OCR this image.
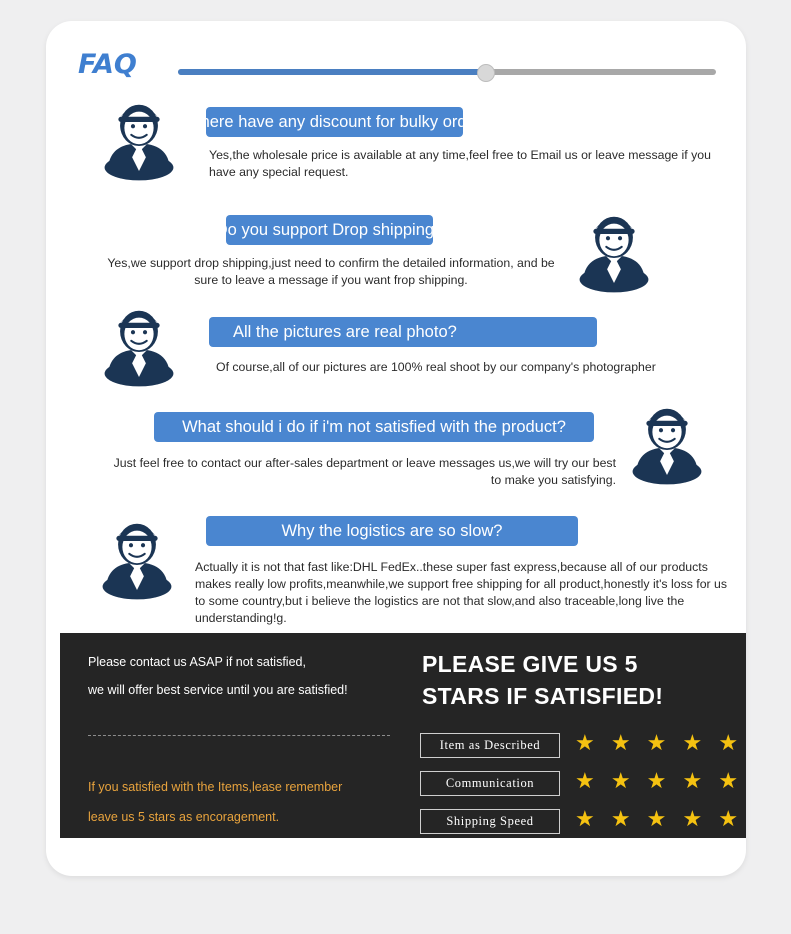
FAQ
Is there have any discount for bulky order?
Yes,the wholesale price is available at any time,feel free to Email us or leave message if you have any special request.
Do you support Drop shipping?
Yes,we support drop shipping,just need to confirm the detailed information, and be sure to leave a message if you want frop shipping.
All the pictures are real photo?
Of course,all of our pictures are 100% real shoot by our company's photographer
What should i do if i'm not satisfied with the product?
Just feel free to contact our after-sales department or leave messages us,we will try our best to make you satisfying.
Why the logistics are so slow?
Actually it is not that fast like:DHL FedEx..these super fast express,because all of our products makes really low profits,meanwhile,we support free shipping for all product,honestly it's loss for us to some country,but i believe the logistics are not that slow,and also traceable,long live the understanding!g.
Please contact us ASAP if not satisfied,
we will offer best service until you are satisfied!
If you satisfied with the Items,lease remember
leave us 5 stars as encoragement.
PLEASE GIVE US 5
STARS IF SATISFIED!
Item as Described	★ ★ ★ ★ ★
Communication	★ ★ ★ ★ ★
Shipping Speed	★ ★ ★ ★ ★
